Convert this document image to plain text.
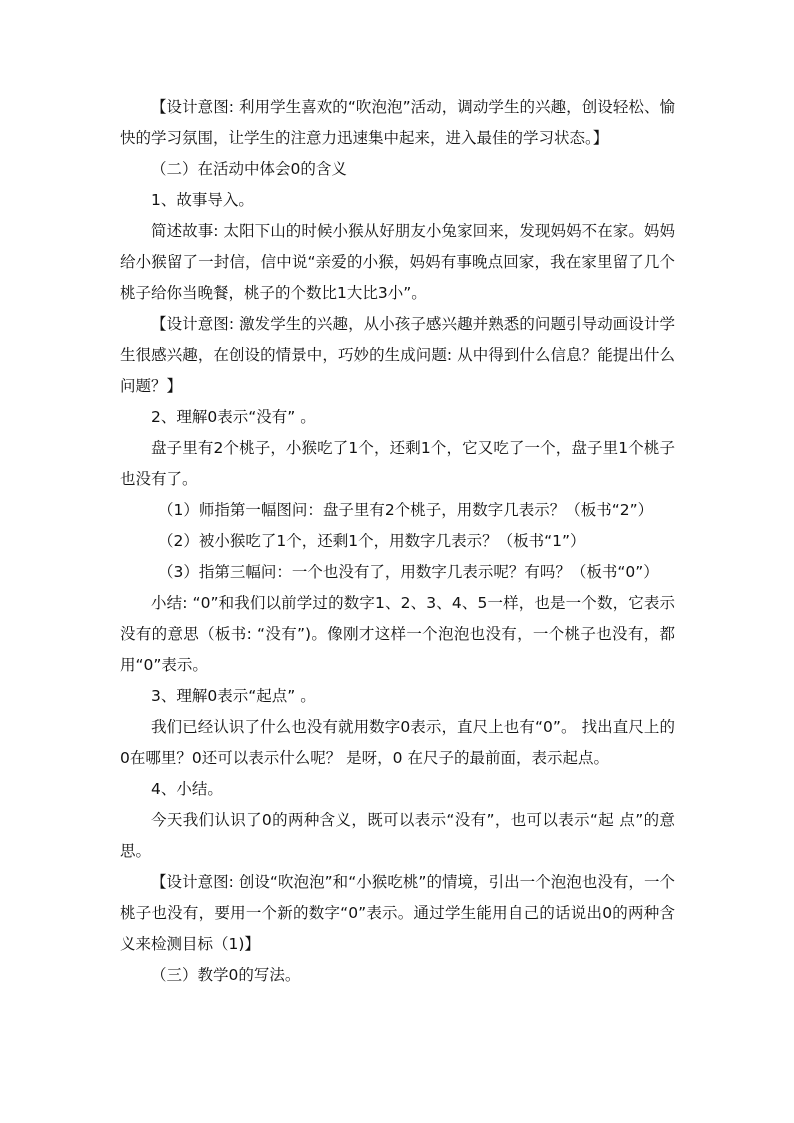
【设计意图: 利用学生喜欢的“吹泡泡”活动，调动学生的兴趣，创设轻松、愉快的学习氛围，让学生的注意力迅速集中起来，进入最佳的学习状态。】

（二）在活动中体会0的含义

1、故事导入。

简述故事: 太阳下山的时候小猴从好朋友小兔家回来，发现妈妈不在家。妈妈给小猴留了一封信，信中说“亲爱的小猴，妈妈有事晚点回家，我在家里留了几个桃子给你当晚餐，桃子的个数比1大比3小”。

【设计意图: 激发学生的兴趣，从小孩子感兴趣并熟悉的问题引导动画设计学生很感兴趣，在创设的情景中，巧妙的生成问题: 从中得到什么信息？能提出什么问题？】

2、理解0表示“没有” 。

盘子里有2个桃子，小猴吃了1个，还剩1个，它又吃了一个，盘子里1个桃子也没有了。

（1）师指第一幅图问：盘子里有2个桃子，用数字几表示？（板书“2”）

（2）被小猴吃了1个，还剩1个，用数字几表示？（板书“1”）

（3）指第三幅问：一个也没有了，用数字几表示呢？有吗？（板书“0”）

小结: “0”和我们以前学过的数字1、2、3、4、5一样，也是一个数，它表示没有的意思（板书: “没有”)。像刚才这样一个泡泡也没有，一个桃子也没有，都用“0”表示。

3、理解0表示“起点” 。

我们已经认识了什么也没有就用数字0表示，直尺上也有“0”。 找出直尺上的0在哪里？0还可以表示什么呢？ 是呀，0 在尺子的最前面，表示起点。

4、小结。

今天我们认识了0的两种含义，既可以表示“没有”，也可以表示“起 点”的意思。

【设计意图: 创设“吹泡泡”和“小猴吃桃”的情境，引出一个泡泡也没有，一个桃子也没有，要用一个新的数字“0”表示。通过学生能用自己的话说出0的两种含义来检测目标（1)】

（三）教学0的写法。
